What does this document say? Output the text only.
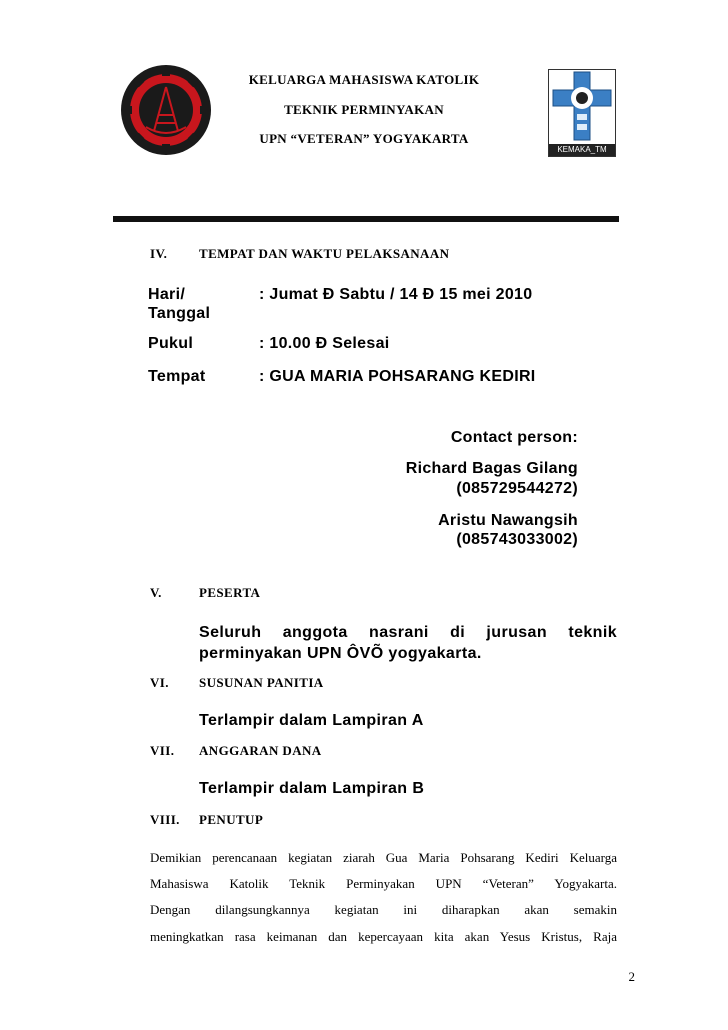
KELUARGA MAHASISWA KATOLIK
TEKNIK PERMINYAKAN
UPN “VETERAN” YOGYAKARTA
KEMAKA_TM
IV. TEMPAT DAN WAKTU PELAKSANAAN
Hari/	: Jumat Ð Sabtu / 14 Ð 15 mei 2010
Tanggal
Pukul	: 10.00 Ð Selesai
Tempat	: GUA MARIA POHSARANG KEDIRI
Contact person:
Richard Bagas Gilang
(085729544272)
Aristu Nawangsih
(085743033002)
V.	PESERTA
Seluruh anggota nasrani di jurusan teknik
perminyakan UPN ÔVÕ yogyakarta.
VI. SUSUNAN PANITIA
Terlampir dalam Lampiran A
VII. ANGGARAN DANA
Terlampir dalam Lampiran B
VIII. PENUTUP
Demikian perencanaan kegiatan ziarah Gua Maria Pohsarang Kediri Keluarga
Mahasiswa Katolik Teknik Perminyakan UPN “Veteran” Yogyakarta.
Dengan dilangsungkannya kegiatan ini diharapkan akan semakin
meningkatkan rasa keimanan dan kepercayaan kita akan Yesus Kristus, Raja
2
